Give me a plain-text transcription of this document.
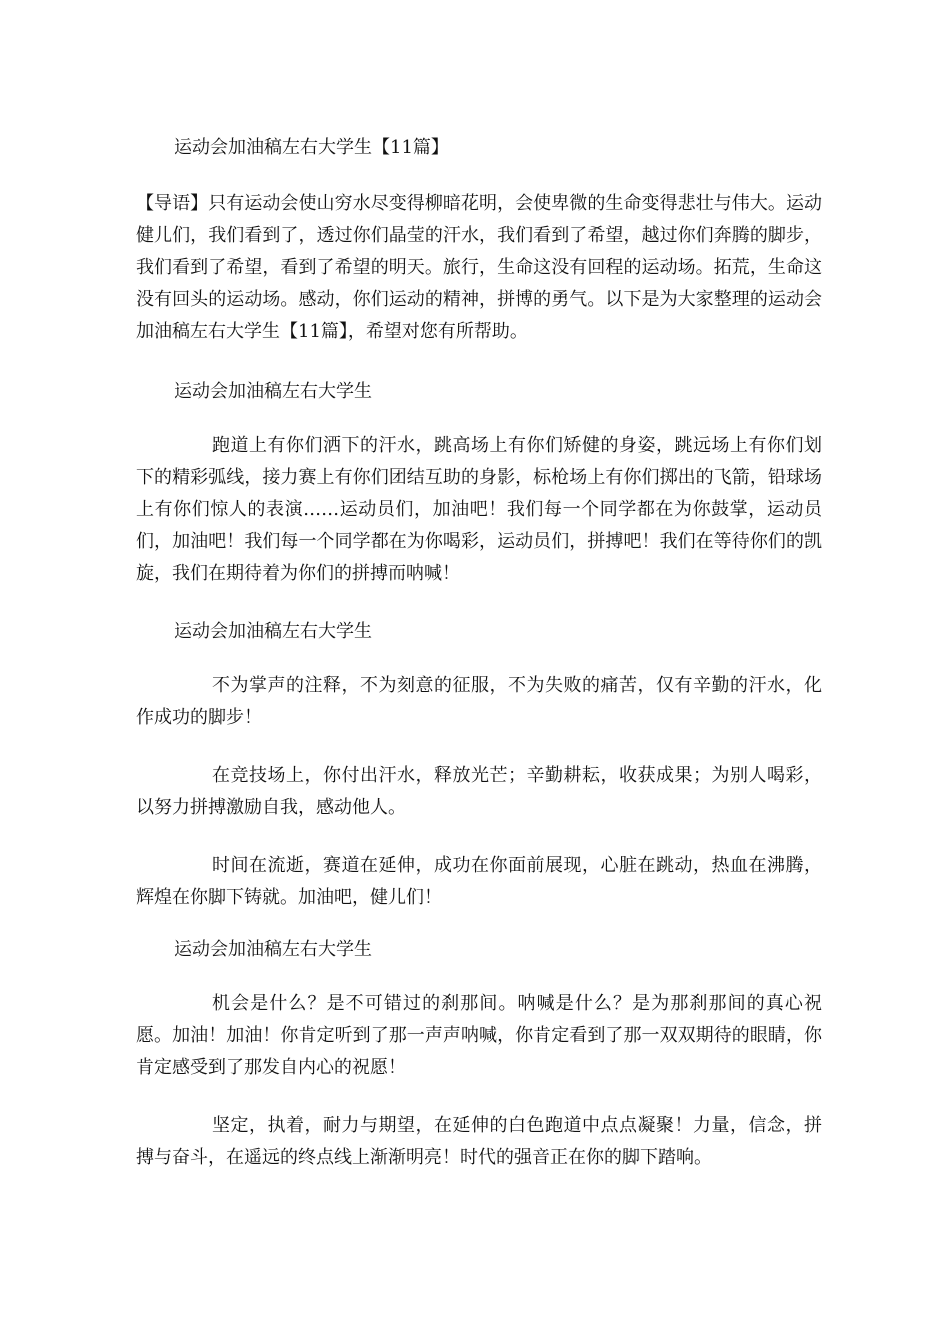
运动会加油稿左右大学生【11篇】

【导语】只有运动会使山穷水尽变得柳暗花明，会使卑微的生命变得悲壮与伟大。运动健儿们，我们看到了，透过你们晶莹的汗水，我们看到了希望，越过你们奔腾的脚步，我们看到了希望，看到了希望的明天。旅行，生命这没有回程的运动场。拓荒，生命这没有回头的运动场。感动，你们运动的精神，拼博的勇气。以下是为大家整理的运动会加油稿左右大学生【11篇】，希望对您有所帮助。

运动会加油稿左右大学生

跑道上有你们洒下的汗水，跳高场上有你们矫健的身姿，跳远场上有你们划下的精彩弧线，接力赛上有你们团结互助的身影，标枪场上有你们掷出的飞箭，铅球场上有你们惊人的表演……运动员们，加油吧！我们每一个同学都在为你鼓掌，运动员们，加油吧！我们每一个同学都在为你喝彩，运动员们，拼搏吧！我们在等待你们的凯旋，我们在期待着为你们的拼搏而呐喊！

运动会加油稿左右大学生

不为掌声的注释，不为刻意的征服，不为失败的痛苦，仅有辛勤的汗水，化作成功的脚步！

在竞技场上，你付出汗水，释放光芒；辛勤耕耘，收获成果；为别人喝彩，以努力拼搏激励自我，感动他人。

时间在流逝，赛道在延伸，成功在你面前展现，心脏在跳动，热血在沸腾，辉煌在你脚下铸就。加油吧，健儿们！

运动会加油稿左右大学生

机会是什么？是不可错过的刹那间。呐喊是什么？是为那刹那间的真心祝愿。加油！加油！你肯定听到了那一声声呐喊，你肯定看到了那一双双期待的眼睛，你肯定感受到了那发自内心的祝愿！

坚定，执着，耐力与期望，在延伸的白色跑道中点点凝聚！力量，信念，拼搏与奋斗，在遥远的终点线上渐渐明亮！时代的强音正在你的脚下踏响。
